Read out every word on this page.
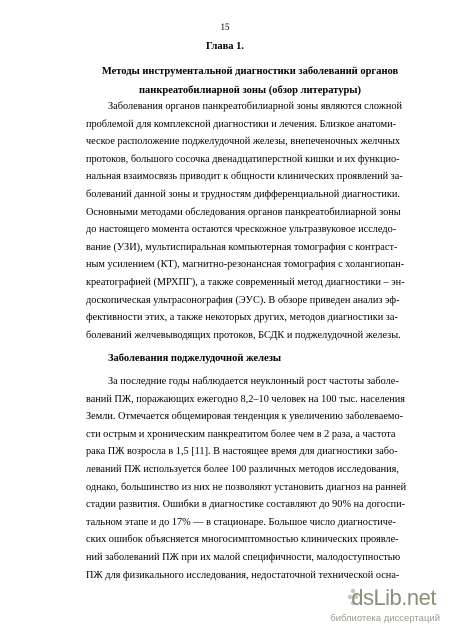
15
Глава 1.
Методы инструментальной диагностики заболеваний органов
панкреатобилиарной зоны (обзор литературы)
Заболевания органов панкреатобилиарной зоны являются сложной
проблемой для комплексной диагностики и лечения. Близкое анатоми-
ческое расположение поджелудочной железы, внепеченочных желчных
протоков, большого сосочка двенадцатиперстной кишки и их функцио-
нальная взаимосвязь приводит к общности клинических проявлений за-
болеваний данной зоны и трудностям дифференциальной диагностики.
Основными методами обследования органов панкреатобилиарной зоны
до настоящего момента остаются чрескожное ультразвуковое исследо-
вание (УЗИ), мультиспиральная компьютерная томография с контраст-
ным усилением (КТ), магнитно-резонансная томография с холангиопан-
креатографией (МРХПГ), а также современный метод диагностики – эн-
доскопическая ультрасонография (ЭУС). В обзоре приведен анализ эф-
фективности этих, а также некоторых других, методов диагностики за-
болеваний желчевыводящих протоков, БСДК и поджелудочной железы.
Заболевания поджелудочной железы
За последние годы наблюдается неуклонный рост частоты заболе-
ваний ПЖ, поражающих ежегодно 8,2–10 человек на 100 тыс. населения
Земли. Отмечается общемировая тенденция к увеличению заболеваемо-
сти острым и хроническим панкреатитом более чем в 2 раза, а частота
рака ПЖ возросла в 1,5 [11]. В настоящее время для диагностики забо-
леваний ПЖ используется более 100 различных методов исследования,
однако, большинство из них не позволяют установить диагноз на ранней
стадии развития. Ошибки в диагностике составляют до 90% на догоспи-
тальном этапе и до 17% — в стационаре. Большое число диагностиче-
ских ошибок объясняется многосимптомностью клинических проявле-
ний заболеваний ПЖ при их малой специфичности, малодоступностью
ПЖ для физикального исследования, недостаточной технической осна-
dsLib.net
библиотека диссертаций
